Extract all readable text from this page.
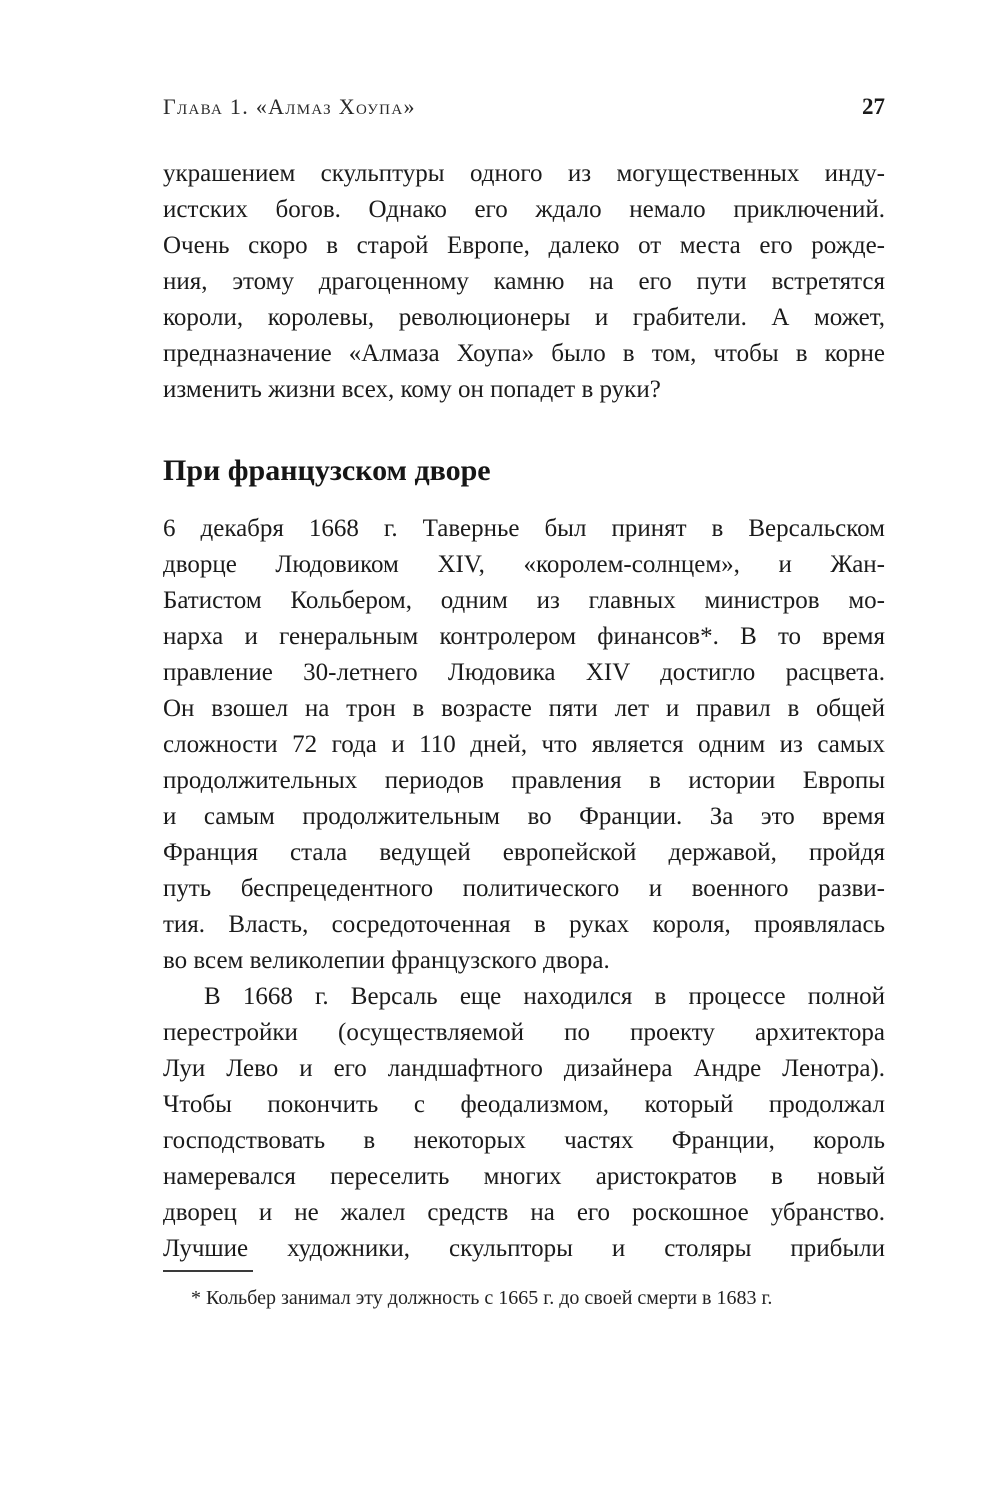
Глава 1. «Алмаз Хоупа»	27
украшением скульптуры одного из могущественных инду-
истских богов. Однако его ждало немало приключений.
Очень скоро в старой Европе, далеко от места его рожде-
ния, этому драгоценному камню на его пути встретятся
короли, королевы, революционеры и грабители. А может,
предназначение «Алмаза Хоупа» было в том, чтобы в корне
изменить жизни всех, кому он попадет в руки?
При французском дворе
6 декабря 1668 г. Тавернье был принят в Версальском
дворце Людовиком XIV, «королем-солнцем», и Жан-
Батистом Кольбером, одним из главных министров мо-
нарха и генеральным контролером финансов*. В то время
правление 30-летнего Людовика XIV достигло расцвета.
Он взошел на трон в возрасте пяти лет и правил в общей
сложности 72 года и 110 дней, что является одним из самых
продолжительных периодов правления в истории Европы
и самым продолжительным во Франции. За это время
Франция стала ведущей европейской державой, пройдя
путь беспрецедентного политического и военного разви-
тия. Власть, сосредоточенная в руках короля, проявлялась
во всем великолепии французского двора.
В 1668 г. Версаль еще находился в процессе полной
перестройки (осуществляемой по проекту архитектора
Луи Лево и его ландшафтного дизайнера Андре Ленотра).
Чтобы покончить с феодализмом, который продолжал
господствовать в некоторых частях Франции, король
намеревался переселить многих аристократов в новый
дворец и не жалел средств на его роскошное убранство.
Лучшие художники, скульпторы и столяры прибыли
* Кольбер занимал эту должность с 1665 г. до своей смерти в 1683 г.
